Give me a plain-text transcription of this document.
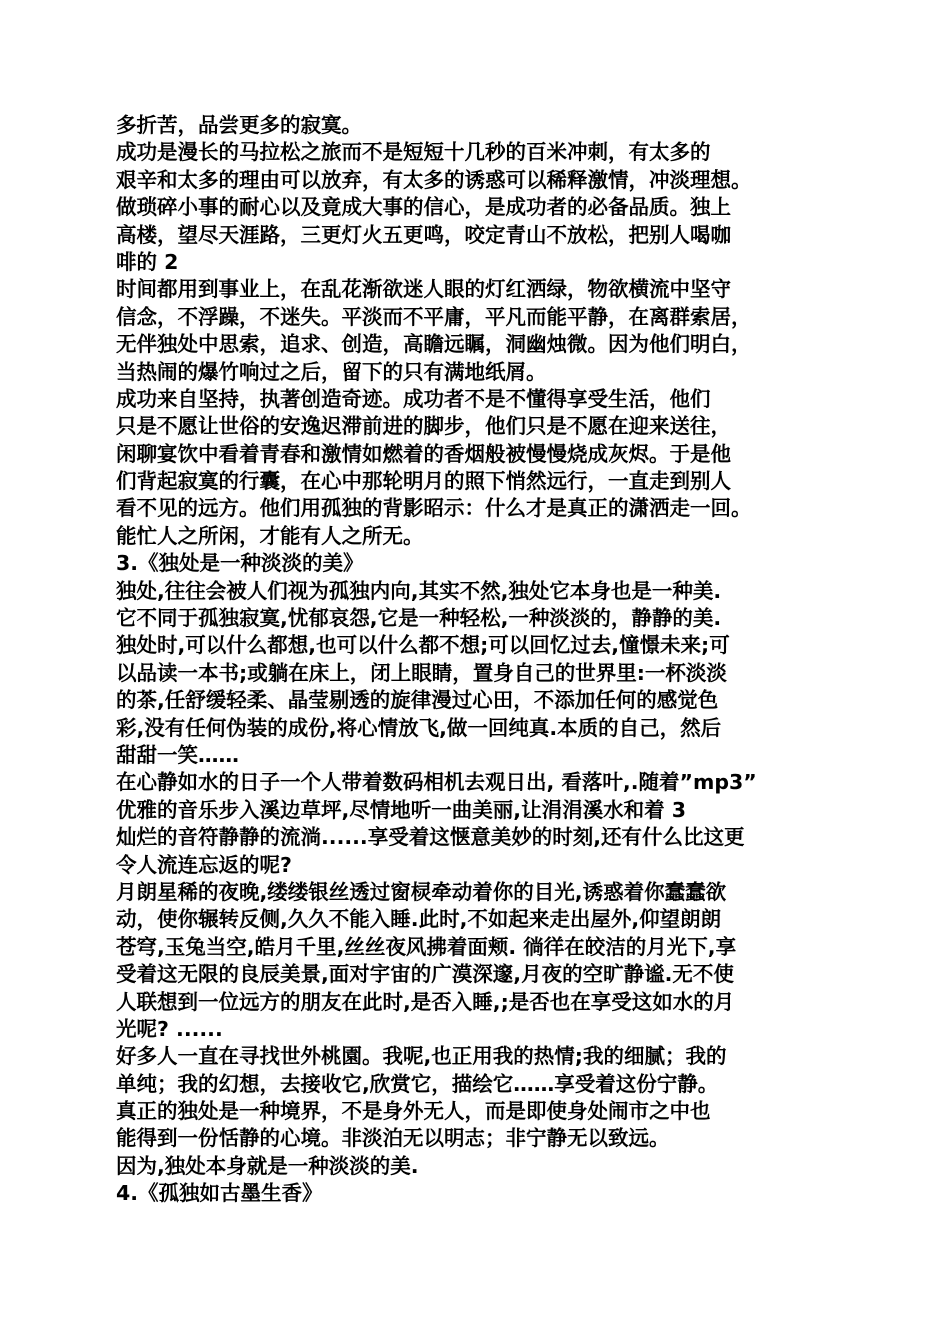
多折苦，品尝更多的寂寞。
成功是漫长的马拉松之旅而不是短短十几秒的百米冲刺，有太多的
艰辛和太多的理由可以放弃，有太多的诱惑可以稀释激情，冲淡理想。
做琐碎小事的耐心以及竟成大事的信心，是成功者的必备品质。独上
高楼，望尽天涯路，三更灯火五更鸣，咬定青山不放松，把别人喝咖
啡的 2
时间都用到事业上，在乱花渐欲迷人眼的灯红洒绿，物欲横流中坚守
信念，不浮躁，不迷失。平淡而不平庸，平凡而能平静，在离群索居，
无伴独处中思索，追求、创造，高瞻远瞩，洞幽烛微。因为他们明白，
当热闹的爆竹响过之后，留下的只有满地纸屑。
成功来自坚持，执著创造奇迹。成功者不是不懂得享受生活，他们
只是不愿让世俗的安逸迟滞前进的脚步，他们只是不愿在迎来送往，
闲聊宴饮中看着青春和激情如燃着的香烟般被慢慢烧成灰烬。于是他
们背起寂寞的行囊，在心中那轮明月的照下悄然远行，一直走到别人
看不见的远方。他们用孤独的背影昭示：什么才是真正的潇洒走一回。
能忙人之所闲，才能有人之所无。
3.《独处是一种淡淡的美》
独处,往往会被人们视为孤独内向,其实不然,独处它本身也是一种美.
它不同于孤独寂寞,忧郁哀怨,它是一种轻松,一种淡淡的，静静的美.
独处时,可以什么都想,也可以什么都不想;可以回忆过去,憧憬未来;可
以品读一本书;或躺在床上，闭上眼睛，置身自己的世界里:一杯淡淡
的茶,任舒缓轻柔、晶莹剔透的旋律漫过心田，不添加任何的感觉色
彩,没有任何伪装的成份,将心情放飞,做一回纯真.本质的自己，然后
甜甜一笑……
在心静如水的日子一个人带着数码相机去观日出, 看落叶,.随着”mp3”
优雅的音乐步入溪边草坪,尽情地听一曲美丽,让涓涓溪水和着 3
灿烂的音符静静的流淌......享受着这惬意美妙的时刻,还有什么比这更
令人流连忘返的呢?
月朗星稀的夜晚,缕缕银丝透过窗棂牵动着你的目光,诱惑着你蠢蠢欲
动，使你辗转反侧,久久不能入睡.此时,不如起来走出屋外,仰望朗朗
苍穹,玉兔当空,皓月千里,丝丝夜风拂着面颊. 徜徉在皎洁的月光下,享
受着这无限的良辰美景,面对宇宙的广漠深邃,月夜的空旷静谧.无不使
人联想到一位远方的朋友在此时,是否入睡,;是否也在享受这如水的月
光呢? ......
好多人一直在寻找世外桃園。我呢,也正用我的热情;我的细腻；我的
单纯；我的幻想，去接收它,欣赏它，描绘它……享受着这份宁静。
真正的独处是一种境界，不是身外无人，而是即使身处闹市之中也
能得到一份恬静的心境。非淡泊无以明志；非宁静无以致远。
因为,独处本身就是一种淡淡的美.
4.《孤独如古墨生香》
